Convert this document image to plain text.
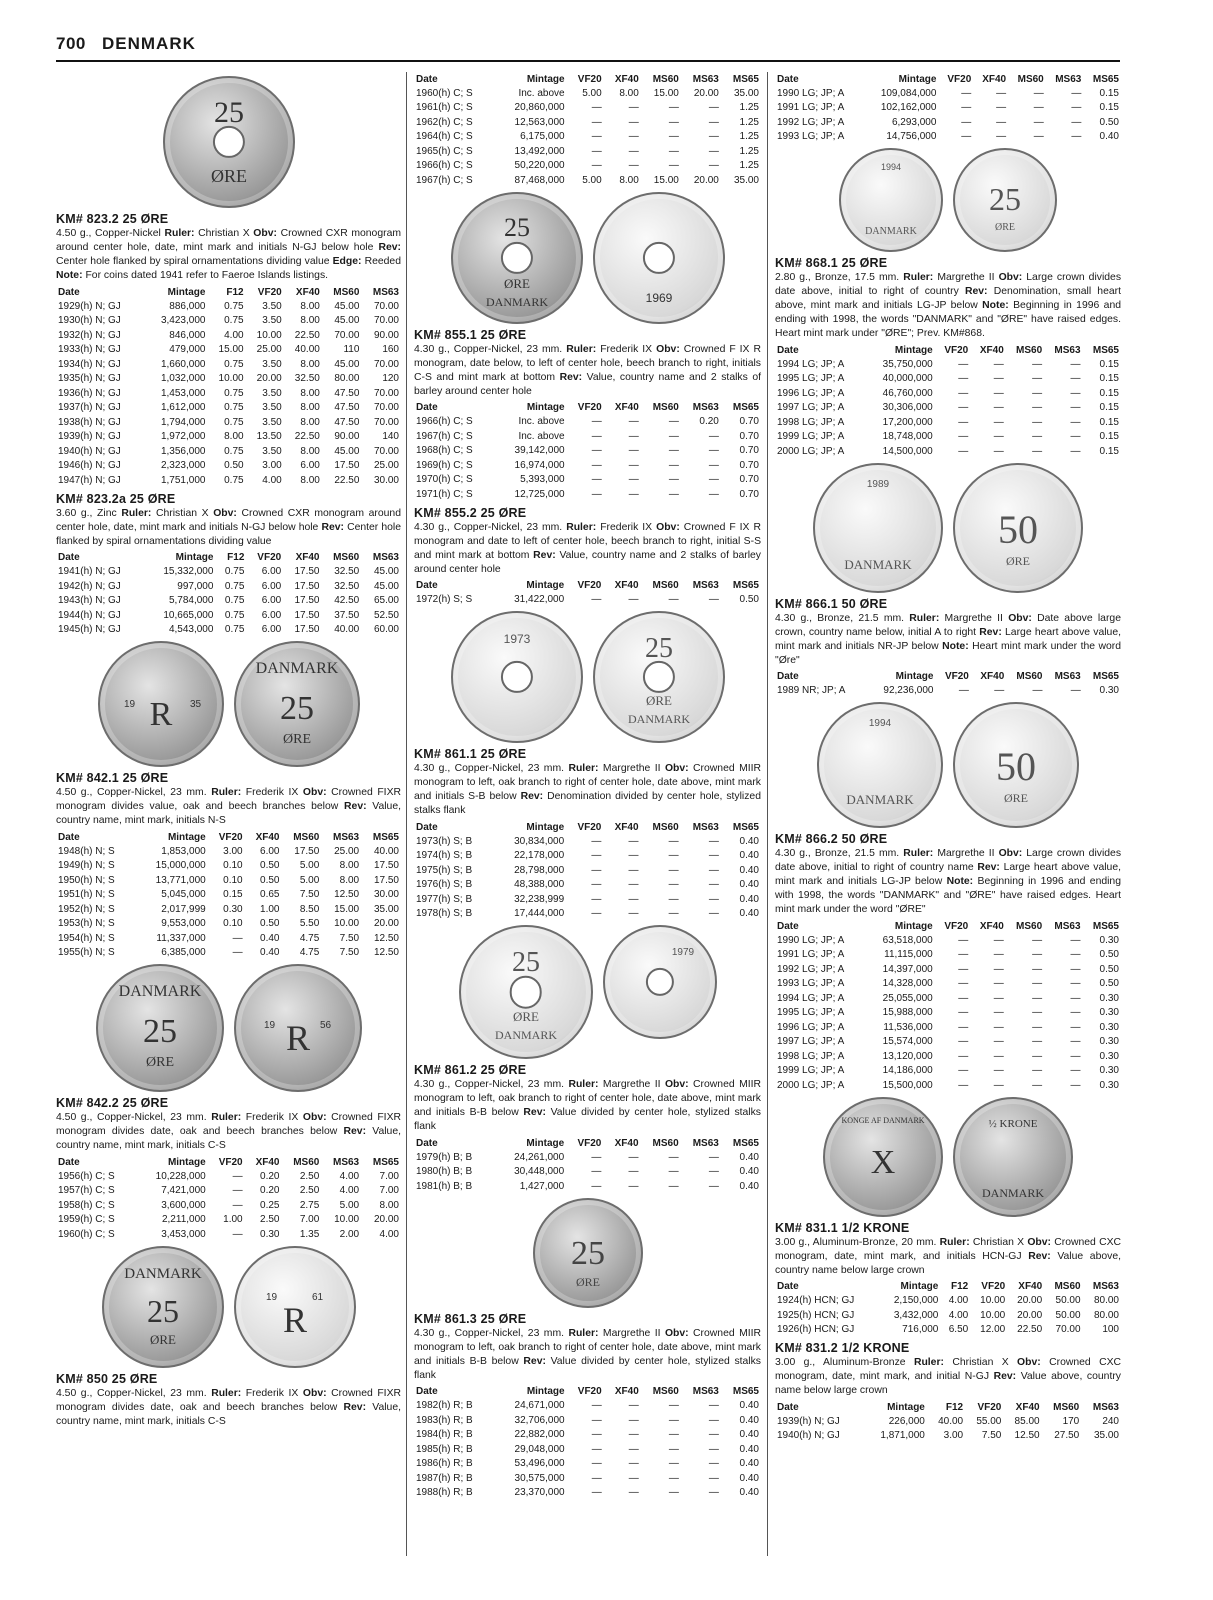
700 DENMARK
25
ØRE
KM# 823.2 25 ØRE

4.50 g., Copper-Nickel Ruler: Christian X Obv: Crowned CXR monogram around center hole, date, mint mark and initials N-GJ below hole Rev: Center hole flanked by spiral ornamentations dividing value Edge: Reeded Note: For coins dated 1941 refer to Faeroe Islands listings.

Date	Mintage	F12	VF20	XF40	MS60	MS63
1929(h) N; GJ	886,000	0.75	3.50	8.00	45.00	70.00
1930(h) N; GJ	3,423,000	0.75	3.50	8.00	45.00	70.00
1932(h) N; GJ	846,000	4.00	10.00	22.50	70.00	90.00
1933(h) N; GJ	479,000	15.00	25.00	40.00	110	160
1934(h) N; GJ	1,660,000	0.75	3.50	8.00	45.00	70.00
1935(h) N; GJ	1,032,000	10.00	20.00	32.50	80.00	120
1936(h) N; GJ	1,453,000	0.75	3.50	8.00	47.50	70.00
1937(h) N; GJ	1,612,000	0.75	3.50	8.00	47.50	70.00
1938(h) N; GJ	1,794,000	0.75	3.50	8.00	47.50	70.00
1939(h) N; GJ	1,972,000	8.00	13.50	22.50	90.00	140
1940(h) N; GJ	1,356,000	0.75	3.50	8.00	45.00	70.00
1946(h) N; GJ	2,323,000	0.50	3.00	6.00	17.50	25.00
1947(h) N; GJ	1,751,000	0.75	4.00	8.00	22.50	30.00
KM# 823.2a 25 ØRE

3.60 g., Zinc Ruler: Christian X Obv: Crowned CXR monogram around center hole, date, mint mark and initials N-GJ below hole Rev: Center hole flanked by spiral ornamentations dividing value

Date	Mintage	F12	VF20	XF40	MS60	MS63
1941(h) N; GJ	15,332,000	0.75	6.00	17.50	32.50	45.00
1942(h) N; GJ	997,000	0.75	6.00	17.50	32.50	45.00
1943(h) N; GJ	5,784,000	0.75	6.00	17.50	42.50	65.00
1944(h) N; GJ	10,665,000	0.75	6.00	17.50	37.50	52.50
1945(h) N; GJ	4,543,000	0.75	6.00	17.50	40.00	60.00
19	35
R
DANMARK
25
ØRE
KM# 842.1 25 ØRE

4.50 g., Copper-Nickel, 23 mm. Ruler: Frederik IX Obv: Crowned FIXR monogram divides value, oak and beech branches below Rev: Value, country name, mint mark, initials N-S

Date	Mintage	VF20	XF40	MS60	MS63	MS65
1948(h) N; S	1,853,000	3.00	6.00	17.50	25.00	40.00
1949(h) N; S	15,000,000	0.10	0.50	5.00	8.00	17.50
1950(h) N; S	13,771,000	0.10	0.50	5.00	8.00	17.50
1951(h) N; S	5,045,000	0.15	0.65	7.50	12.50	30.00
1952(h) N; S	2,017,999	0.30	1.00	8.50	15.00	35.00
1953(h) N; S	9,553,000	0.10	0.50	5.50	10.00	20.00
1954(h) N; S	11,337,000	—	0.40	4.75	7.50	12.50
1955(h) N; S	6,385,000	—	0.40	4.75	7.50	12.50
DANMARK
25
ØRE
19	56
R
KM# 842.2 25 ØRE

4.50 g., Copper-Nickel, 23 mm. Ruler: Frederik IX Obv: Crowned FIXR monogram divides date, oak and beech branches below Rev: Value, country name, mint mark, initials C-S

Date	Mintage	VF20	XF40	MS60	MS63	MS65
1956(h) C; S	10,228,000	—	0.20	2.50	4.00	7.00
1957(h) C; S	7,421,000	—	0.20	2.50	4.00	7.00
1958(h) C; S	3,600,000	—	0.25	2.75	5.00	8.00
1959(h) C; S	2,211,000	1.00	2.50	7.00	10.00	20.00
1960(h) C; S	3,453,000	—	0.30	1.35	2.00	4.00
DANMARK
25
ØRE
19	61
R
KM# 850 25 ØRE

4.50 g., Copper-Nickel, 23 mm. Ruler: Frederik IX Obv: Crowned FIXR monogram divides date, oak and beech branches below Rev: Value, country name, mint mark, initials C-S

Date	Mintage	VF20	XF40	MS60	MS63	MS65
1960(h) C; S	Inc. above	5.00	8.00	15.00	20.00	35.00
1961(h) C; S	20,860,000	—	—	—	—	1.25
1962(h) C; S	12,563,000	—	—	—	—	1.25
1964(h) C; S	6,175,000	—	—	—	—	1.25
1965(h) C; S	13,492,000	—	—	—	—	1.25
1966(h) C; S	50,220,000	—	—	—	—	1.25
1967(h) C; S	87,468,000	5.00	8.00	15.00	20.00	35.00
25
ØRE
DANMARK	1969
KM# 855.1 25 ØRE

4.30 g., Copper-Nickel, 23 mm. Ruler: Frederik IX Obv: Crowned F IX R monogram, date below, to left of center hole, beech branch to right, initials C-S and mint mark at bottom Rev: Value, country name and 2 stalks of barley around center hole

Date	Mintage	VF20	XF40	MS60	MS63	MS65
1966(h) C; S	Inc. above	—	—	—	0.20	0.70
1967(h) C; S	Inc. above	—	—	—	—	0.70
1968(h) C; S	39,142,000	—	—	—	—	0.70
1969(h) C; S	16,974,000	—	—	—	—	0.70
1970(h) C; S	5,393,000	—	—	—	—	0.70
1971(h) C; S	12,725,000	—	—	—	—	0.70
KM# 855.2 25 ØRE

4.30 g., Copper-Nickel, 23 mm. Ruler: Frederik IX Obv: Crowned F IX R monogram and date to left of center hole, beech branch to right, initial S-S and mint mark at bottom Rev: Value, country name and 2 stalks of barley around center hole

Date	Mintage	VF20	XF40	MS60	MS63	MS65
1972(h) S; S	31,422,000	—	—	—	—	0.50
1973	25
ØRE
DANMARK
KM# 861.1 25 ØRE

4.30 g., Copper-Nickel, 23 mm. Ruler: Margrethe II Obv: Crowned MIIR monogram to left, oak branch to right of center hole, date above, mint mark and initials S-B below Rev: Denomination divided by center hole, stylized stalks flank

Date	Mintage	VF20	XF40	MS60	MS63	MS65
1973(h) S; B	30,834,000	—	—	—	—	0.40
1974(h) S; B	22,178,000	—	—	—	—	0.40
1975(h) S; B	28,798,000	—	—	—	—	0.40
1976(h) S; B	48,388,000	—	—	—	—	0.40
1977(h) S; B	32,238,999	—	—	—	—	0.40
1978(h) S; B	17,444,000	—	—	—	—	0.40
25
ØRE
DANMARK
1979
KM# 861.2 25 ØRE

4.30 g., Copper-Nickel, 23 mm. Ruler: Margrethe II Obv: Crowned MIIR monogram to left, oak branch to right of center hole, date above, mint mark and initials B-B below Rev: Value divided by center hole, stylized stalks flank

Date	Mintage	VF20	XF40	MS60	MS63	MS65
1979(h) B; B	24,261,000	—	—	—	—	0.40
1980(h) B; B	30,448,000	—	—	—	—	0.40
1981(h) B; B	1,427,000	—	—	—	—	0.40
25
ØRE
KM# 861.3 25 ØRE

4.30 g., Copper-Nickel, 23 mm. Ruler: Margrethe II Obv: Crowned MIIR monogram to left, oak branch to right of center hole, date above, mint mark and initials B-B below Rev: Value divided by center hole, stylized stalks flank

Date	Mintage	VF20	XF40	MS60	MS63	MS65
1982(h) R; B	24,671,000	—	—	—	—	0.40
1983(h) R; B	32,706,000	—	—	—	—	0.40
1984(h) R; B	22,882,000	—	—	—	—	0.40
1985(h) R; B	29,048,000	—	—	—	—	0.40
1986(h) R; B	53,496,000	—	—	—	—	0.40
1987(h) R; B	30,575,000	—	—	—	—	0.40
1988(h) R; B	23,370,000	—	—	—	—	0.40
Date	Mintage	VF20	XF40	MS60	MS63	MS65
1990 LG; JP; A	109,084,000	—	—	—	—	0.15
1991 LG; JP; A	102,162,000	—	—	—	—	0.15
1992 LG; JP; A	6,293,000	—	—	—	—	0.50
1993 LG; JP; A	14,756,000	—	—	—	—	0.40
1994
DANMARK
25
ØRE
KM# 868.1 25 ØRE

2.80 g., Bronze, 17.5 mm. Ruler: Margrethe II Obv: Large crown divides date above, initial to right of country Rev: Denomination, small heart above, mint mark and initials LG-JP below Note: Beginning in 1996 and ending with 1998, the words "DANMARK" and "ØRE" have raised edges. Heart mint mark under "ØRE"; Prev. KM#868.

Date	Mintage	VF20	XF40	MS60	MS63	MS65
1994 LG; JP; A	35,750,000	—	—	—	—	0.15
1995 LG; JP; A	40,000,000	—	—	—	—	0.15
1996 LG; JP; A	46,760,000	—	—	—	—	0.15
1997 LG; JP; A	30,306,000	—	—	—	—	0.15
1998 LG; JP; A	17,200,000	—	—	—	—	0.15
1999 LG; JP; A	18,748,000	—	—	—	—	0.15
2000 LG; JP; A	14,500,000	—	—	—	—	0.15
1989
DANMARK
50
ØRE
KM# 866.1 50 ØRE

4.30 g., Bronze, 21.5 mm. Ruler: Margrethe II Obv: Date above large crown, country name below, initial A to right Rev: Large heart above value, mint mark and initials NR-JP below Note: Heart mint mark under the word "Øre"

Date	Mintage	VF20	XF40	MS60	MS63	MS65
1989 NR; JP; A	92,236,000	—	—	—	—	0.30
1994
DANMARK
50
ØRE
KM# 866.2 50 ØRE

4.30 g., Bronze, 21.5 mm. Ruler: Margrethe II Obv: Large crown divides date above, initial to right of country name Rev: Large heart above value, mint mark and initials LG-JP below Note: Beginning in 1996 and ending with 1998, the words "DANMARK" and "ØRE" have raised edges. Heart mint mark under the word "ØRE"

Date	Mintage	VF20	XF40	MS60	MS63	MS65
1990 LG; JP; A	63,518,000	—	—	—	—	0.30
1991 LG; JP; A	11,115,000	—	—	—	—	0.50
1992 LG; JP; A	14,397,000	—	—	—	—	0.50
1993 LG; JP; A	14,328,000	—	—	—	—	0.50
1994 LG; JP; A	25,055,000	—	—	—	—	0.30
1995 LG; JP; A	15,988,000	—	—	—	—	0.30
1996 LG; JP; A	11,536,000	—	—	—	—	0.30
1997 LG; JP; A	15,574,000	—	—	—	—	0.30
1998 LG; JP; A	13,120,000	—	—	—	—	0.30
1999 LG; JP; A	14,186,000	—	—	—	—	0.30
2000 LG; JP; A	15,500,000	—	—	—	—	0.30
KONGE AF DANMARK
X
½ KRONE
DANMARK
KM# 831.1 1/2 KRONE

3.00 g., Aluminum-Bronze, 20 mm. Ruler: Christian X Obv: Crowned CXC monogram, date, mint mark, and initials HCN-GJ Rev: Value above, country name below large crown

Date	Mintage	F12	VF20	XF40	MS60	MS63
1924(h) HCN; GJ	2,150,000	4.00	10.00	20.00	50.00	80.00
1925(h) HCN; GJ	3,432,000	4.00	10.00	20.00	50.00	80.00
1926(h) HCN; GJ	716,000	6.50	12.00	22.50	70.00	100
KM# 831.2 1/2 KRONE

3.00 g., Aluminum-Bronze Ruler: Christian X Obv: Crowned CXC monogram, date, mint mark, and initial N-GJ Rev: Value above, country name below large crown

Date	Mintage	F12	VF20	XF40	MS60	MS63
1939(h) N; GJ	226,000	40.00	55.00	85.00	170	240
1940(h) N; GJ	1,871,000	3.00	7.50	12.50	27.50	35.00
